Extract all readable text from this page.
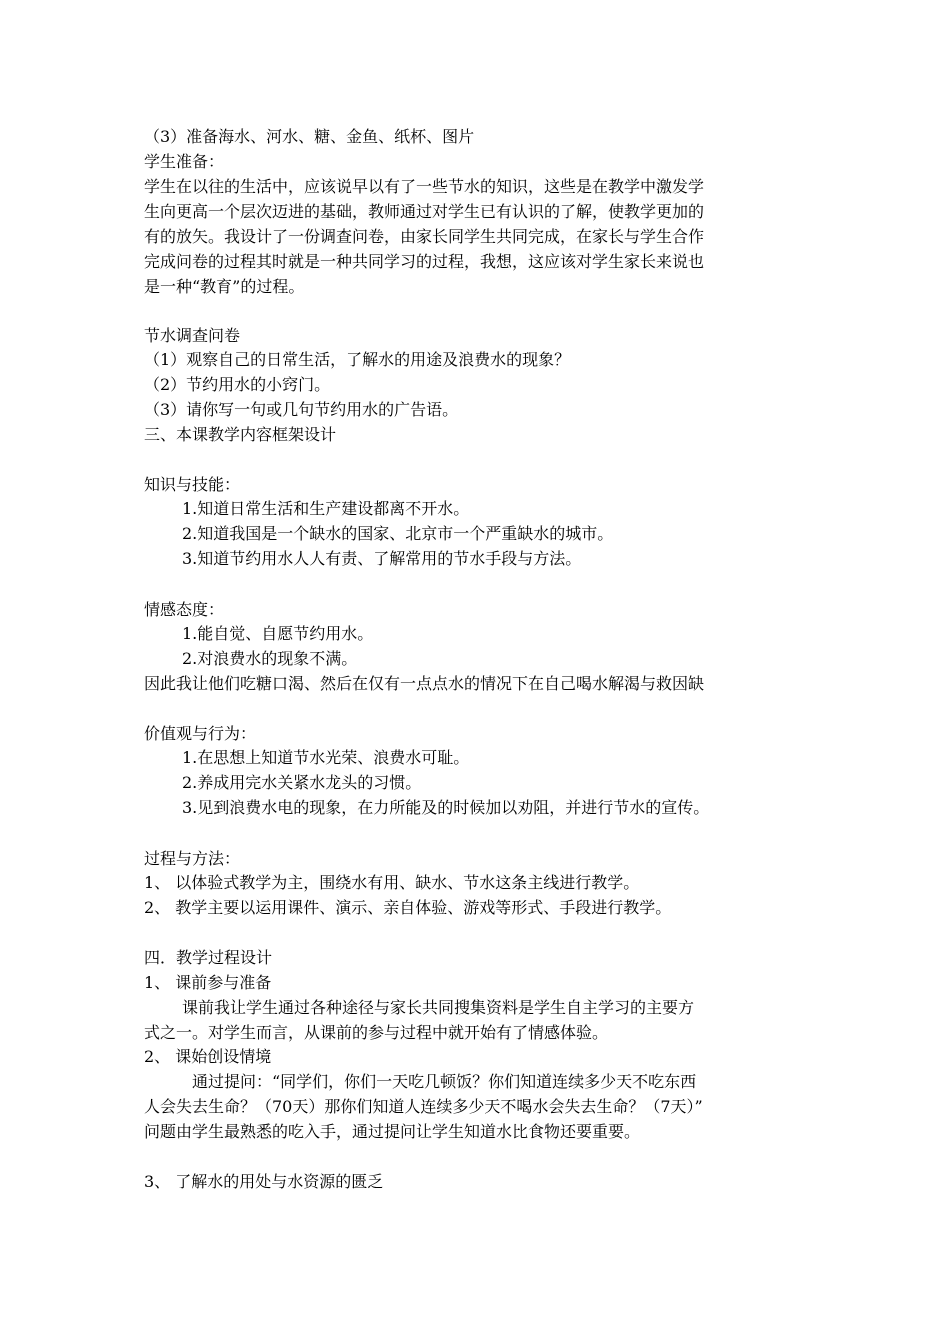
（3）准备海水、河水、糖、金鱼、纸杯、图片
学生准备：
学生在以往的生活中，应该说早以有了一些节水的知识，这些是在教学中激发学
生向更高一个层次迈进的基础，教师通过对学生已有认识的了解，使教学更加的
有的放矢。我设计了一份调查问卷，由家长同学生共同完成，在家长与学生合作
完成问卷的过程其时就是一种共同学习的过程，我想，这应该对学生家长来说也
是一种“教育”的过程。
节水调查问卷
（1）观察自己的日常生活，了解水的用途及浪费水的现象？
（2）节约用水的小窍门。
（3）请你写一句或几句节约用水的广告语。
三、本课教学内容框架设计
知识与技能：
1.知道日常生活和生产建设都离不开水。
2.知道我国是一个缺水的国家、北京市一个严重缺水的城市。
3.知道节约用水人人有责、了解常用的节水手段与方法。
情感态度：
1.能自觉、自愿节约用水。
2.对浪费水的现象不满。
因此我让他们吃糖口渴、然后在仅有一点点水的情况下在自己喝水解渴与救因缺
价值观与行为：
1.在思想上知道节水光荣、浪费水可耻。
2.养成用完水关紧水龙头的习惯。
3.见到浪费水电的现象，在力所能及的时候加以劝阻，并进行节水的宣传。
过程与方法：
1、 以体验式教学为主，围绕水有用、缺水、节水这条主线进行教学。
2、 教学主要以运用课件、演示、亲自体验、游戏等形式、手段进行教学。
四．教学过程设计
1、 课前参与准备
课前我让学生通过各种途径与家长共同搜集资料是学生自主学习的主要方
式之一。对学生而言，从课前的参与过程中就开始有了情感体验。
2、 课始创设情境
通过提问：“同学们，你们一天吃几顿饭？你们知道连续多少天不吃东西
人会失去生命？（70天）那你们知道人连续多少天不喝水会失去生命？（7天）”
问题由学生最熟悉的吃入手，通过提问让学生知道水比食物还要重要。
3、 了解水的用处与水资源的匮乏
